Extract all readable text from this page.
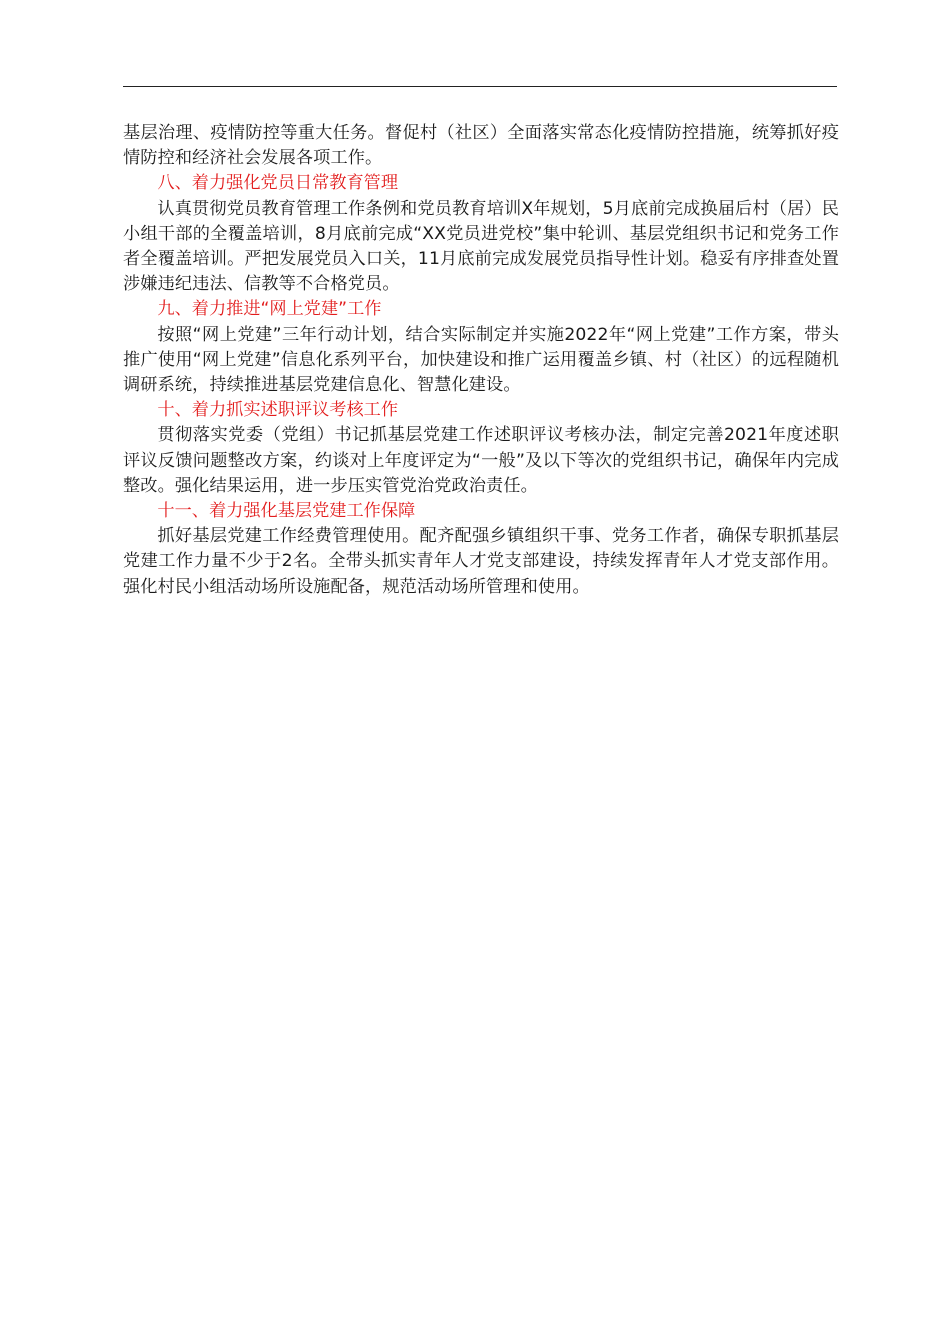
基层治理、疫情防控等重大任务。督促村（社区）全面落实常态化疫情防控措施，统筹抓好疫情防控和经济社会发展各项工作。

八、着力强化党员日常教育管理

认真贯彻党员教育管理工作条例和党员教育培训X年规划，5月底前完成换届后村（居）民小组干部的全覆盖培训，8月底前完成“XX党员进党校”集中轮训、基层党组织书记和党务工作者全覆盖培训。严把发展党员入口关，11月底前完成发展党员指导性计划。稳妥有序排查处置涉嫌违纪违法、信教等不合格党员。

九、着力推进“网上党建”工作

按照“网上党建”三年行动计划，结合实际制定并实施2022年“网上党建”工作方案，带头推广使用“网上党建”信息化系列平台，加快建设和推广运用覆盖乡镇、村（社区）的远程随机调研系统，持续推进基层党建信息化、智慧化建设。

十、着力抓实述职评议考核工作

贯彻落实党委（党组）书记抓基层党建工作述职评议考核办法，制定完善2021年度述职评议反馈问题整改方案，约谈对上年度评定为“一般”及以下等次的党组织书记，确保年内完成整改。强化结果运用，进一步压实管党治党政治责任。

十一、着力强化基层党建工作保障

抓好基层党建工作经费管理使用。配齐配强乡镇组织干事、党务工作者，确保专职抓基层党建工作力量不少于2名。全带头抓实青年人才党支部建设，持续发挥青年人才党支部作用。强化村民小组活动场所设施配备，规范活动场所管理和使用。
